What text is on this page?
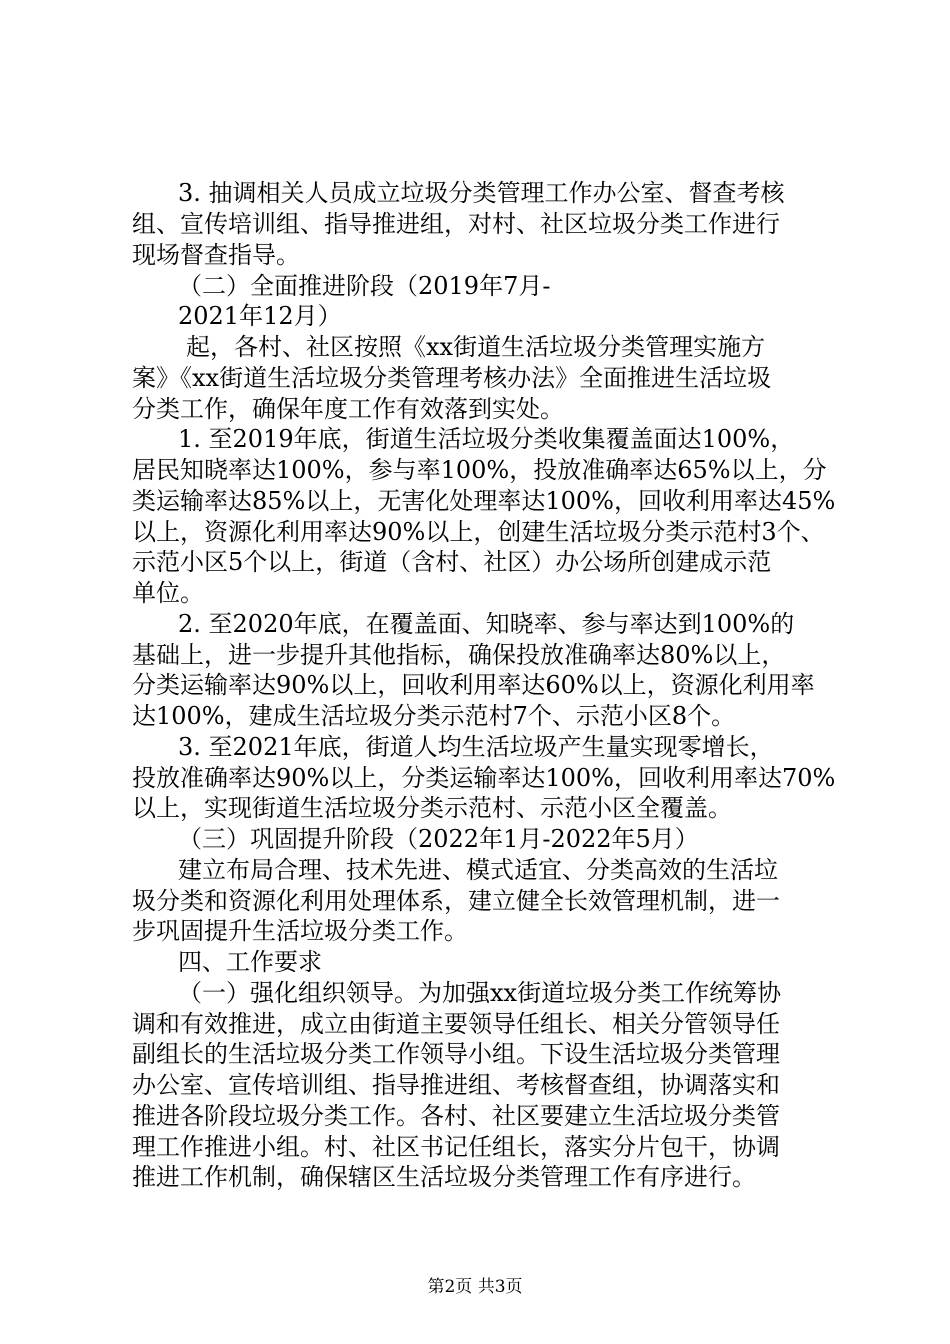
3. 抽调相关人员成立垃圾分类管理工作办公室、督查考核

组、宣传培训组、指导推进组，对村、社区垃圾分类工作进行

现场督查指导。

（二）全面推进阶段（2019年7月-

2021年12月）

起，各村、社区按照《xx街道生活垃圾分类管理实施方

案》《xx街道生活垃圾分类管理考核办法》全面推进生活垃圾

分类工作，确保年度工作有效落到实处。

1. 至2019年底，街道生活垃圾分类收集覆盖面达100%，

居民知晓率达100%，参与率100%，投放准确率达65%以上，分

类运输率达85%以上，无害化处理率达100%，回收利用率达45%

以上，资源化利用率达90%以上，创建生活垃圾分类示范村3个、

示范小区5个以上，街道（含村、社区）办公场所创建成示范

单位。

2. 至2020年底，在覆盖面、知晓率、参与率达到100%的

基础上，进一步提升其他指标，确保投放准确率达80%以上，

分类运输率达90%以上，回收利用率达60%以上，资源化利用率

达100%，建成生活垃圾分类示范村7个、示范小区8个。

3. 至2021年底，街道人均生活垃圾产生量实现零增长，

投放准确率达90%以上，分类运输率达100%，回收利用率达70%

以上，实现街道生活垃圾分类示范村、示范小区全覆盖。

（三）巩固提升阶段（2022年1月-2022年5月）

建立布局合理、技术先进、模式适宜、分类高效的生活垃

圾分类和资源化利用处理体系，建立健全长效管理机制，进一

步巩固提升生活垃圾分类工作。

四、工作要求

（一）强化组织领导。为加强xx街道垃圾分类工作统筹协

调和有效推进，成立由街道主要领导任组长、相关分管领导任

副组长的生活垃圾分类工作领导小组。下设生活垃圾分类管理

办公室、宣传培训组、指导推进组、考核督查组，协调落实和

推进各阶段垃圾分类工作。各村、社区要建立生活垃圾分类管

理工作推进小组。村、社区书记任组长，落实分片包干，协调

推进工作机制，确保辖区生活垃圾分类管理工作有序进行。

第2页 共3页
